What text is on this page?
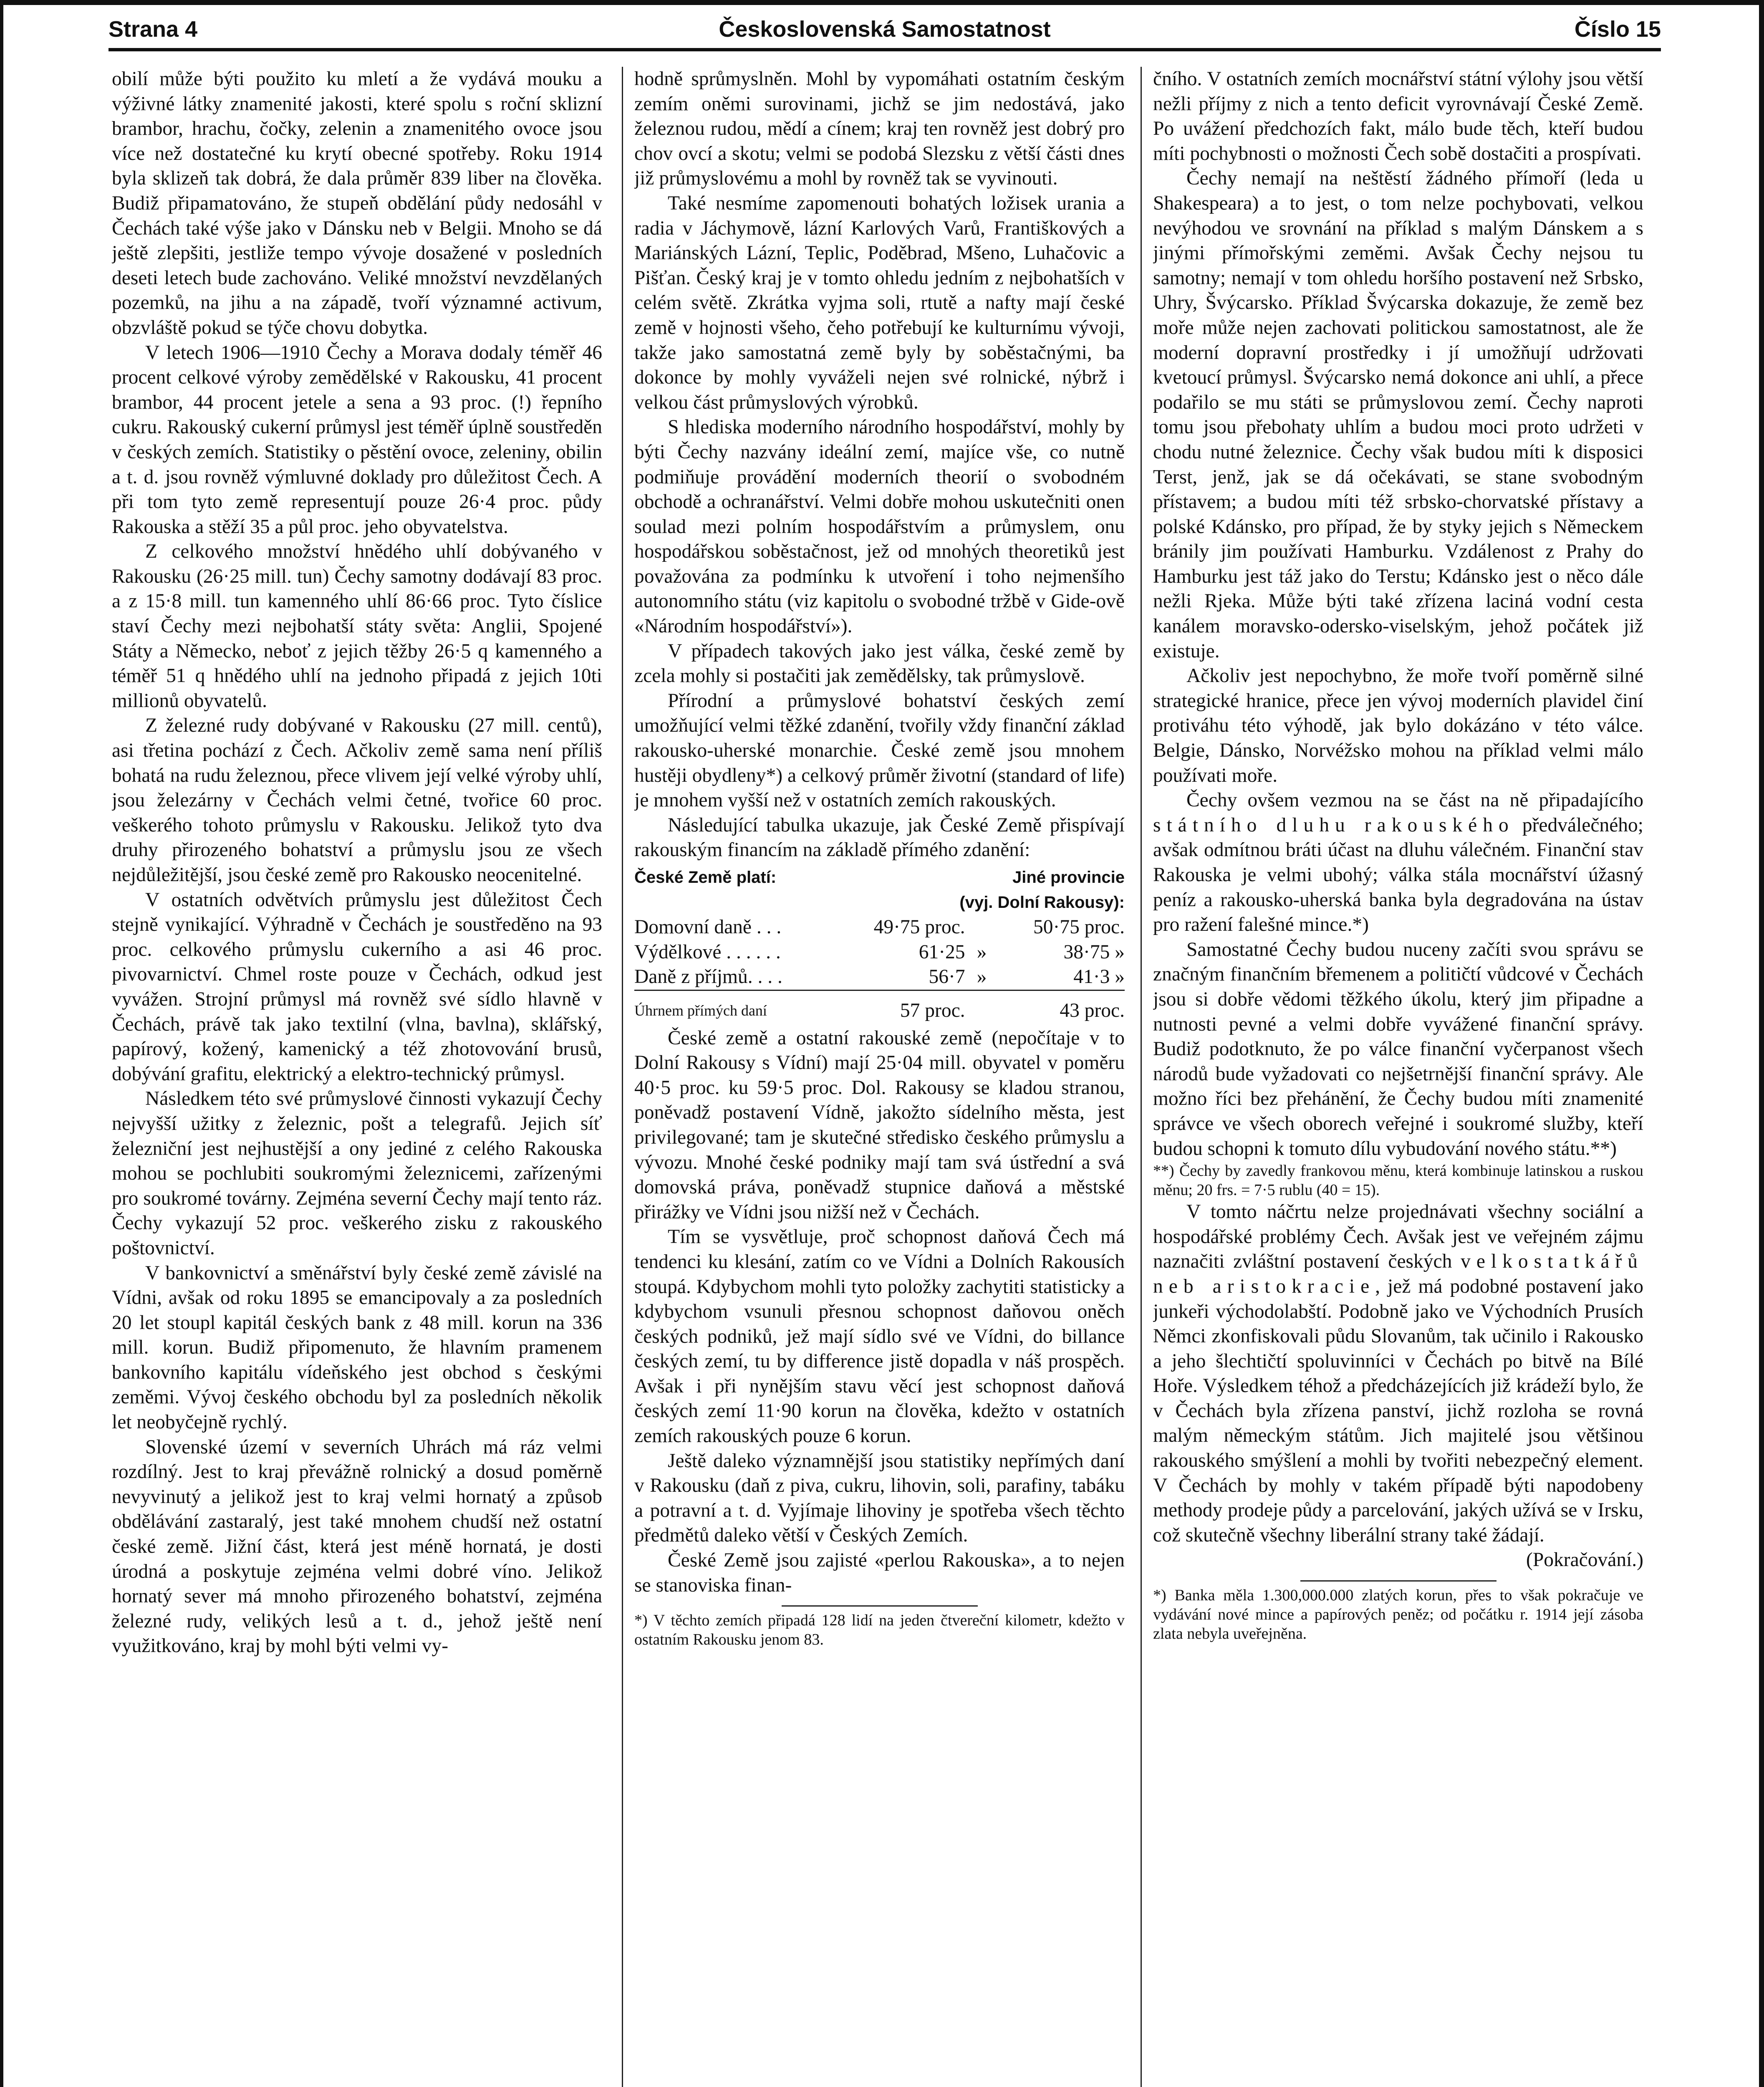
Československá Samostatnost
Strana 4	Číslo 15

obilí může býti použito ku mletí a že vydává mouku a výživné látky znamenité jakosti, které spolu s roční sklizní brambor, hrachu, čočky, zelenin a znamenitého ovoce jsou více než dostatečné ku krytí obecné spotřeby. Roku 1914 byla sklizeň tak dobrá, že dala průměr 839 liber na člověka. Budiž připamatováno, že stupeň obdělání půdy nedosáhl v Čechách také výše jako v Dánsku neb v Belgii. Mnoho se dá ještě zlepšiti, jestliže tempo vývoje dosažené v posledních deseti letech bude zachováno. Veliké množství nevzdělaných pozemků, na jihu a na západě, tvoří významné activum, obzvláště pokud se týče chovu dobytka.

V letech 1906—1910 Čechy a Morava dodaly téměř 46 procent celkové výroby zemědělské v Rakousku, 41 procent brambor, 44 procent jetele a sena a 93 proc. (!) řepního cukru. Rakouský cukerní průmysl jest téměř úplně soustředěn v českých zemích. Statistiky o pěstění ovoce, zeleniny, obilin a t. d. jsou rovněž výmluvné doklady pro důležitost Čech. A při tom tyto země representují pouze 26·4 proc. půdy Rakouska a stěží 35 a půl proc. jeho obyvatelstva.

Z celkového množství hnědého uhlí dobývaného v Rakousku (26·25 mill. tun) Čechy samotny dodávají 83 proc. a z 15·8 mill. tun kamenného uhlí 86·66 proc. Tyto číslice staví Čechy mezi nejbohatší státy světa: Anglii, Spojené Státy a Německo, neboť z jejich těžby 26·5 q kamenného a téměř 51 q hnědého uhlí na jednoho připadá z jejich 10ti millionů obyvatelů.

Z železné rudy dobývané v Rakousku (27 mill. centů), asi třetina pochází z Čech. Ačkoliv země sama není příliš bohatá na rudu železnou, přece vlivem její velké výroby uhlí, jsou železárny v Čechách velmi četné, tvořice 60 proc. veškerého tohoto průmyslu v Rakousku. Jelikož tyto dva druhy přirozeného bohatství a průmyslu jsou ze všech nejdůležitější, jsou české země pro Rakousko neocenitelné.

V ostatních odvětvích průmyslu jest důležitost Čech stejně vynikající. Výhradně v Čechách je soustředěno na 93 proc. celkového průmyslu cukerního a asi 46 proc. pivovarnictví. Chmel roste pouze v Čechách, odkud jest vyvážen. Strojní průmysl má rovněž své sídlo hlavně v Čechách, právě tak jako textilní (vlna, bavlna), sklářský, papírový, kožený, kamenický a též zhotovování brusů, dobývání grafitu, elektrický a elektro-technický průmysl.

Následkem této své průmyslové činnosti vykazují Čechy nejvyšší užitky z železnic, pošt a telegrafů. Jejich síť železniční jest nejhustější a ony jediné z celého Rakouska mohou se pochlubiti soukromými železnicemi, zařízenými pro soukromé továrny. Zejména severní Čechy mají tento ráz. Čechy vykazují 52 proc. veškerého zisku z rakouského poštovnictví.

V bankovnictví a směnářství byly české země závislé na Vídni, avšak od roku 1895 se emancipovaly a za posledních 20 let stoupl kapitál českých bank z 48 mill. korun na 336 mill. korun. Budiž připomenuto, že hlavním pramenem bankovního kapitálu vídeňského jest obchod s českými zeměmi. Vývoj českého obchodu byl za posledních několik let neobyčejně rychlý.

Slovenské území v severních Uhrách má ráz velmi rozdílný. Jest to kraj převážně rolnický a dosud poměrně nevyvinutý a jelikož jest to kraj velmi hornatý a způsob obdělávání zastaralý, jest také mnohem chudší než ostatní české země. Jižní část, která jest méně hornatá, je dosti úrodná a poskytuje zejména velmi dobré víno. Jelikož hornatý sever má mnoho přirozeného bohatství, zejména železné rudy, velikých lesů a t. d., jehož ještě není využitkováno, kraj by mohl býti velmi vy-

hodně sprůmyslněn. Mohl by vypomáhati ostatním českým zemím oněmi surovinami, jichž se jim nedostává, jako železnou rudou, mědí a cínem; kraj ten rovněž jest dobrý pro chov ovcí a skotu; velmi se podobá Slezsku z větší části dnes již průmyslovému a mohl by rovněž tak se vyvinouti.

Také nesmíme zapomenouti bohatých ložisek urania a radia v Jáchymově, lázní Karlových Varů, Františkových a Mariánských Lázní, Teplic, Poděbrad, Mšeno, Luhačovic a Pišťan. Český kraj je v tomto ohledu jedním z nejbohatších v celém světě. Zkrátka vyjma soli, rtutě a nafty mají české země v hojnosti všeho, čeho potřebují ke kulturnímu vývoji, takže jako samostatná země byly by soběstačnými, ba dokonce by mohly vyváželi nejen své rolnické, nýbrž i velkou část průmyslových výrobků.

S hlediska moderního národního hospodářství, mohly by býti Čechy nazvány ideální zemí, majíce vše, co nutně podmiňuje provádění moderních theorií o svobodném obchodě a ochranářství. Velmi dobře mohou uskutečniti onen soulad mezi polním hospodářstvím a průmyslem, onu hospodářskou soběstačnost, jež od mnohých theoretiků jest považována za podmínku k utvoření i toho nejmenšího autonomního státu (viz kapitolu o svobodné tržbě v Gide-ově «Národním hospodářství»).

V případech takových jako jest válka, české země by zcela mohly si postačiti jak zemědělsky, tak průmyslově.

Přírodní a průmyslové bohatství českých zemí umožňující velmi těžké zdanění, tvořily vždy finanční základ rakousko-uherské monarchie. České země jsou mnohem hustěji obydleny*) a celkový průměr životní (standard of life) je mnohem vyšší než v ostatních zemích rakouských.

Následující tabulka ukazuje, jak České Země přispívají rakouským financím na základě přímého zdanění:

České Země platí:	Jiné provincie		
	(vyj. Dolní Rakousy):		
Domovní daně . . .	49·75 proc.		50·75 proc.
Výdělkové . . . . . .	61·25	»	38·75 »
Daně z příjmů. . . .	56·7	»	41·3 »
Úhrnem přímých daní	57 proc.		43 proc.

České země a ostatní rakouské země (nepočítaje v to Dolní Rakousy s Vídní) mají 25·04 mill. obyvatel v poměru 40·5 proc. ku 59·5 proc. Dol. Rakousy se kladou stranou, poněvadž postavení Vídně, jakožto sídelního města, jest privilegované; tam je skutečné středisko českého průmyslu a vývozu. Mnohé české podniky mají tam svá ústřední a svá domovská práva, poněvadž stupnice daňová a městské přirážky ve Vídni jsou nižší než v Čechách.

Tím se vysvětluje, proč schopnost daňová Čech má tendenci ku klesání, zatím co ve Vídni a Dolních Rakousích stoupá. Kdybychom mohli tyto položky zachytiti statisticky a kdybychom vsunuli přesnou schopnost daňovou oněch českých podniků, jež mají sídlo své ve Vídni, do billance českých zemí, tu by difference jistě dopadla v náš prospěch. Avšak i při nynějším stavu věcí jest schopnost daňová českých zemí 11·90 korun na člověka, kdežto v ostatních zemích rakouských pouze 6 korun.

Ještě daleko významnější jsou statistiky nepřímých daní v Rakousku (daň z piva, cukru, lihovin, soli, parafiny, tabáku a potravní a t. d. Vyjímaje lihoviny je spotřeba všech těchto předmětů daleko větší v Českých Zemích.

České Země jsou zajisté «perlou Rakouska», a to nejen se stanoviska finan-

*) V těchto zemích připadá 128 lidí na jeden čtvereční kilometr, kdežto v ostatním Rakousku jenom 83.

čního. V ostatních zemích mocnářství státní výlohy jsou větší nežli příjmy z nich a tento deficit vyrovnávají České Země. Po uvážení předchozích fakt, málo bude těch, kteří budou míti pochybnosti o možnosti Čech sobě dostačiti a prospívati.

Čechy nemají na neštěstí žádného přímoří (leda u Shakespeara) a to jest, o tom nelze pochybovati, velkou nevýhodou ve srovnání na příklad s malým Dánskem a s jinými přímořskými zeměmi. Avšak Čechy nejsou tu samotny; nemají v tom ohledu horšího postavení než Srbsko, Uhry, Švýcarsko. Příklad Švýcarska dokazuje, že země bez moře může nejen zachovati politickou samostatnost, ale že moderní dopravní prostředky i jí umožňují udržovati kvetoucí průmysl. Švýcarsko nemá dokonce ani uhlí, a přece podařilo se mu státi se průmyslovou zemí. Čechy naproti tomu jsou přebohaty uhlím a budou moci proto udržeti v chodu nutné železnice. Čechy však budou míti k disposici Terst, jenž, jak se dá očekávati, se stane svobodným přístavem; a budou míti též srbsko-chorvatské přístavy a polské Kdánsko, pro případ, že by styky jejich s Německem bránily jim používati Hamburku. Vzdálenost z Prahy do Hamburku jest táž jako do Terstu; Kdánsko jest o něco dále nežli Rjeka. Může býti také zřízena laciná vodní cesta kanálem moravsko-odersko-viselským, jehož počátek již existuje.

Ačkoliv jest nepochybno, že moře tvoří poměrně silné strategické hranice, přece jen vývoj moderních plavidel činí protiváhu této výhodě, jak bylo dokázáno v této válce. Belgie, Dánsko, Norvéžsko mohou na příklad velmi málo používati moře.

Čechy ovšem vezmou na se část na ně připadajícího státního dluhu rakouského předválečného; avšak odmítnou bráti účast na dluhu válečném. Finanční stav Rakouska je velmi ubohý; válka stála mocnářství úžasný peníz a rakousko-uherská banka byla degradována na ústav pro ražení falešné mince.*)

Samostatné Čechy budou nuceny začíti svou správu se značným finančním břemenem a političtí vůdcové v Čechách jsou si dobře vědomi těžkého úkolu, který jim připadne a nutnosti pevné a velmi dobře vyvážené finanční správy. Budiž podotknuto, že po válce finanční vyčerpanost všech národů bude vyžadovati co nejšetrnější finanční správy. Ale možno říci bez přehánění, že Čechy budou míti znamenité správce ve všech oborech veřejné i soukromé služby, kteří budou schopni k tomuto dílu vybudování nového státu.**)

**) Čechy by zavedly frankovou měnu, která kombinuje latinskou a ruskou měnu; 20 frs. = 7·5 rublu (40 = 15).

V tomto náčrtu nelze projednávati všechny sociální a hospodářské problémy Čech. Avšak jest ve veřejném zájmu naznačiti zvláštní postavení českých velkostatkářů neb aristokracie, jež má podobné postavení jako junkeři východolabští. Podobně jako ve Východních Prusích Němci zkonfiskovali půdu Slovanům, tak učinilo i Rakousko a jeho šlechtičtí spoluvinníci v Čechách po bitvě na Bílé Hoře. Výsledkem téhož a předcházejících již krádeží bylo, že v Čechách byla zřízena panství, jichž rozloha se rovná malým německým státům. Jich majitelé jsou většinou rakouského smýšlení a mohli by tvořiti nebezpečný element. V Čechách by mohly v takém případě býti napodobeny methody prodeje půdy a parcelování, jakých užívá se v Irsku, což skutečně všechny liberální strany také žádají.

(Pokračování.)

*) Banka měla 1.300,000.000 zlatých korun, přes to však pokračuje ve vydávání nové mince a papírových peněz; od počátku r. 1914 její zásoba zlata nebyla uveřejněna.
